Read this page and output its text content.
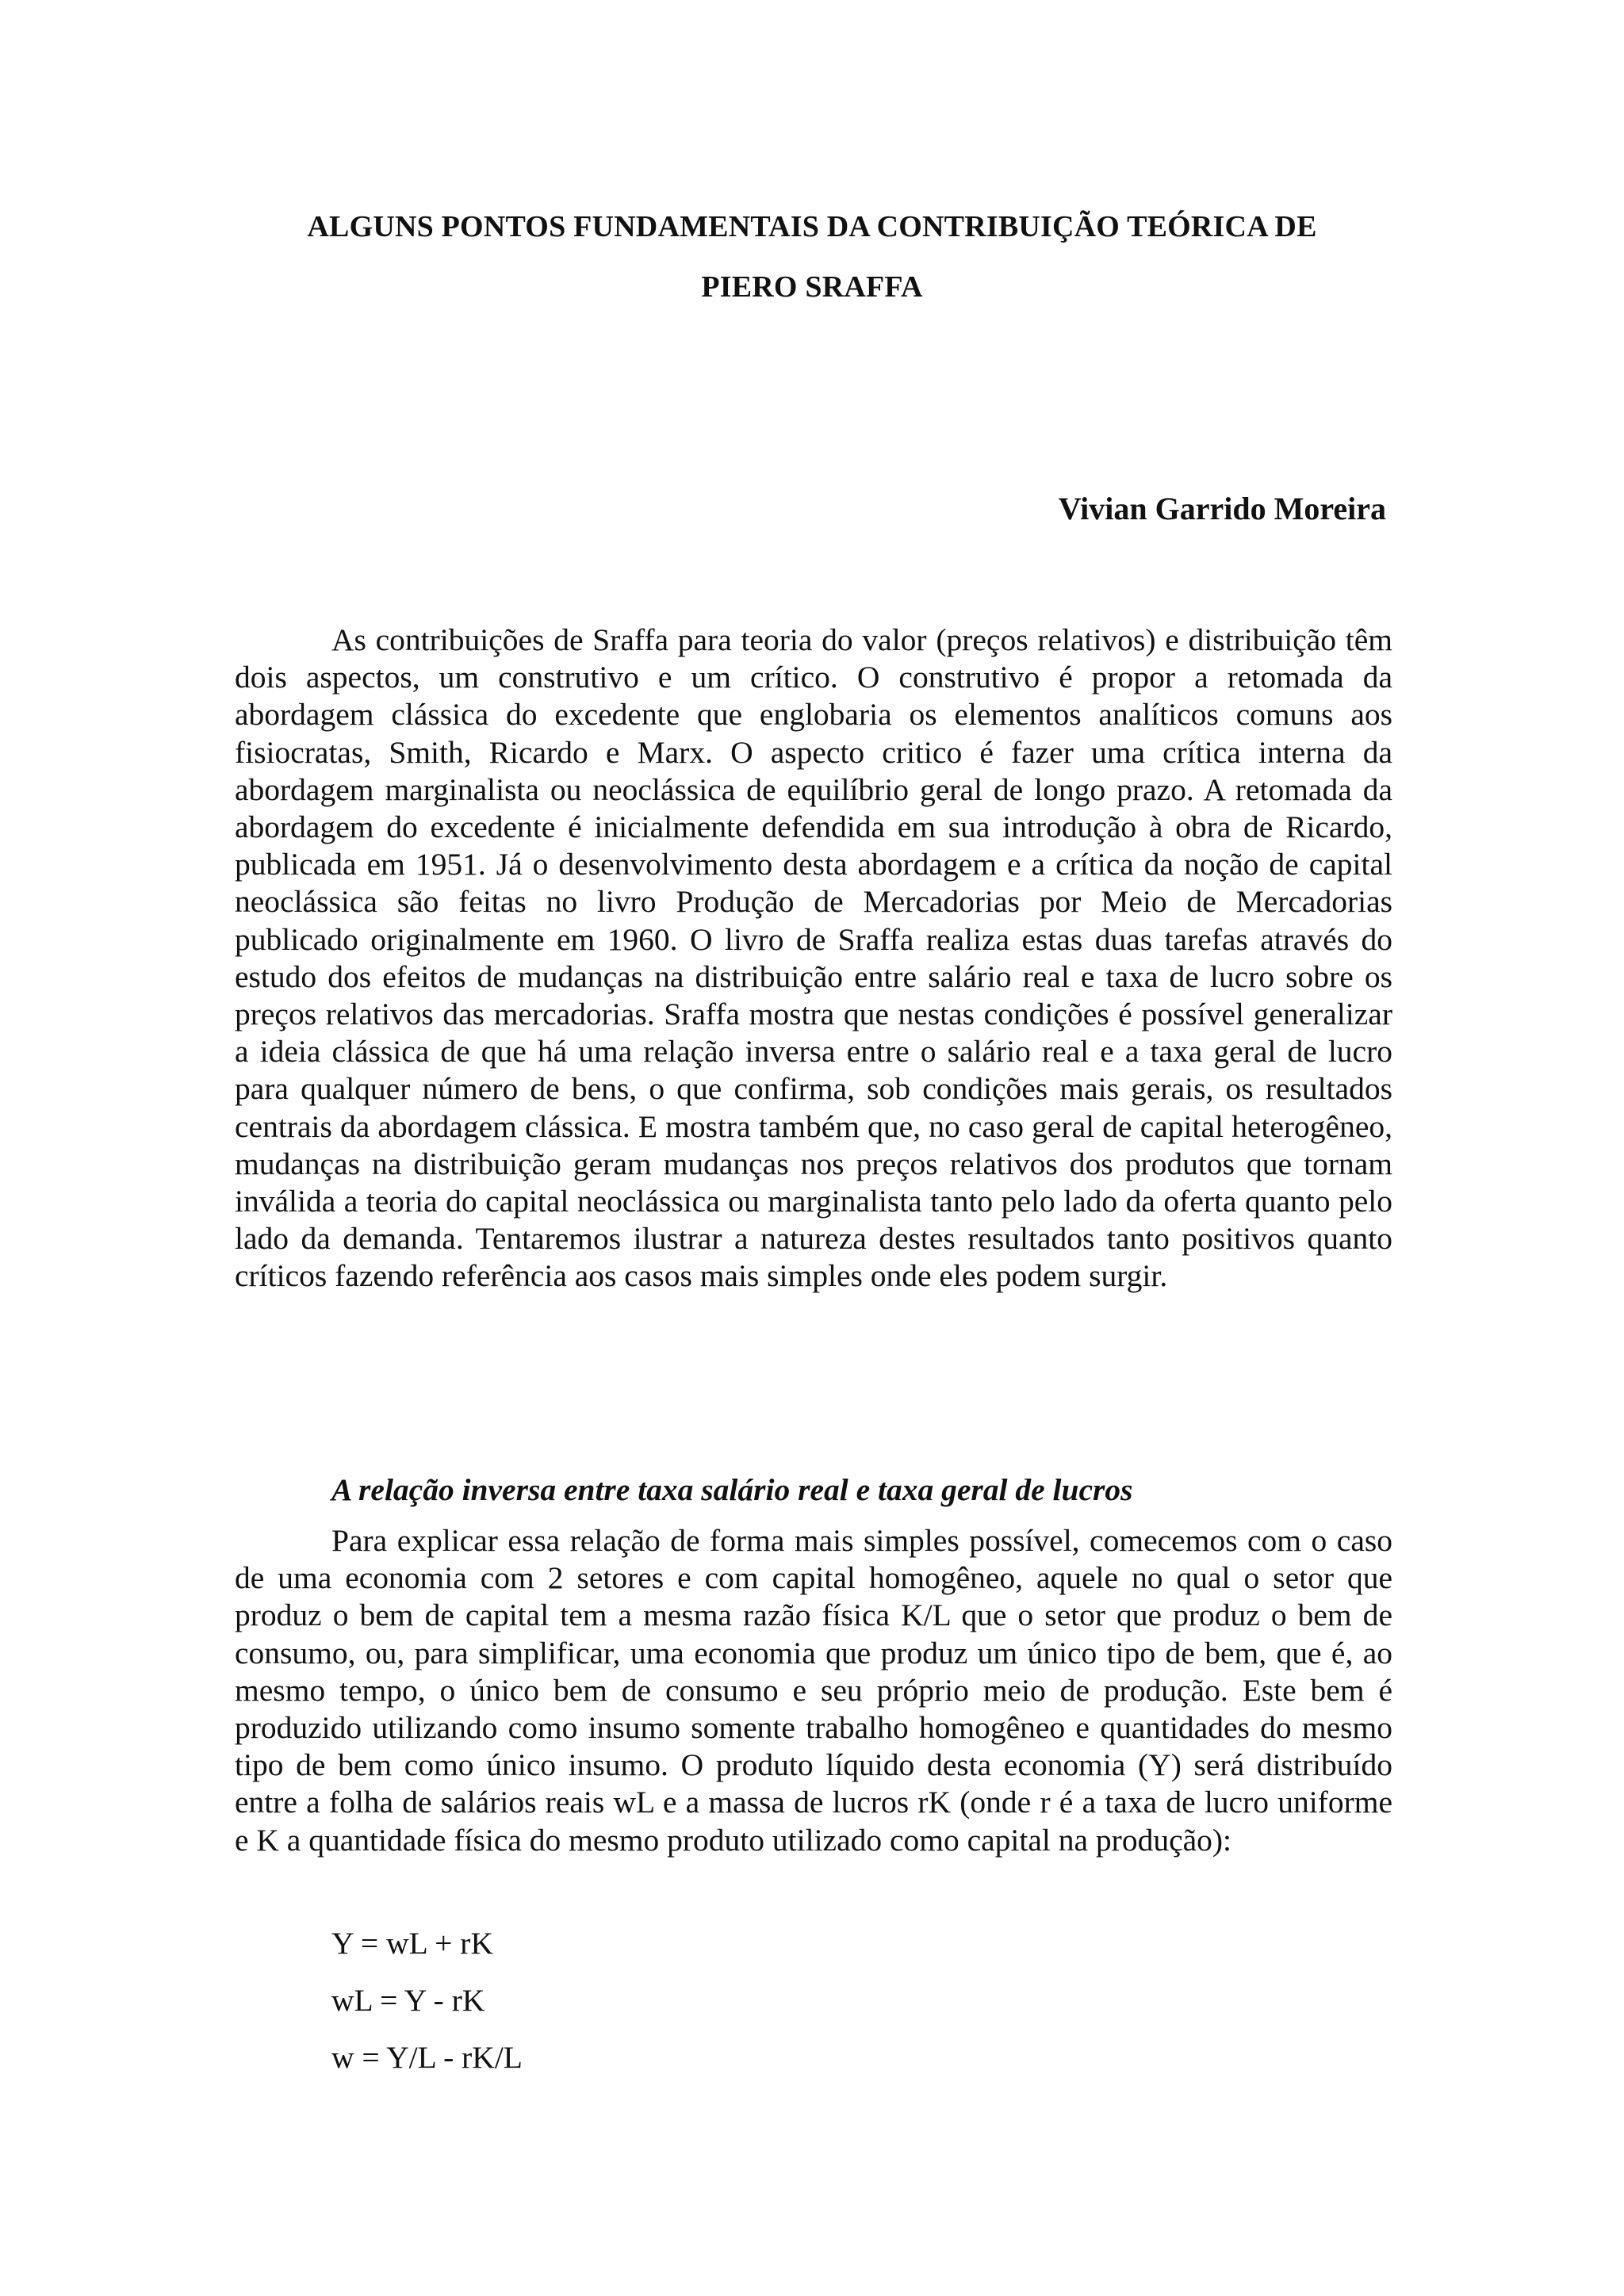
ALGUNS PONTOS FUNDAMENTAIS DA CONTRIBUIÇÃO TEÓRICA DE

PIERO SRAFFA

Vivian Garrido Moreira

As contribuições de Sraffa para teoria do valor (preços relativos) e distribuição têm dois aspectos, um construtivo e um crítico. O construtivo é propor a retomada da abordagem clássica do excedente que englobaria os elementos analíticos comuns aos fisiocratas, Smith, Ricardo e Marx. O aspecto critico é fazer uma crítica interna da abordagem marginalista ou neoclássica de equilíbrio geral de longo prazo. A retomada da abordagem do excedente é inicialmente defendida em sua introdução à obra de Ricardo, publicada em 1951. Já o desenvolvimento desta abordagem e a crítica da noção de capital neoclássica são feitas no livro Produção de Mercadorias por Meio de Mercadorias publicado originalmente em 1960. O livro de Sraffa realiza estas duas tarefas através do estudo dos efeitos de mudanças na distribuição entre salário real e taxa de lucro sobre os preços relativos das mercadorias. Sraffa mostra que nestas condições é possível generalizar a ideia clássica de que há uma relação inversa entre o salário real e a taxa geral de lucro para qualquer número de bens, o que confirma, sob condições mais gerais, os resultados centrais da abordagem clássica. E mostra também que, no caso geral de capital heterogêneo, mudanças na distribuição geram mudanças nos preços relativos dos produtos que tornam inválida a teoria do capital neoclássica ou marginalista tanto pelo lado da oferta quanto pelo lado da demanda. Tentaremos ilustrar a natureza destes resultados tanto positivos quanto críticos fazendo referência aos casos mais simples onde eles podem surgir.

A relação inversa entre taxa salário real e taxa geral de lucros

Para explicar essa relação de forma mais simples possível, comecemos com o caso de uma economia com 2 setores e com capital homogêneo, aquele no qual o setor que produz o bem de capital tem a mesma razão física K/L que o setor que produz o bem de consumo, ou, para simplificar, uma economia que produz um único tipo de bem, que é, ao mesmo tempo, o único bem de consumo e seu próprio meio de produção. Este bem é produzido utilizando como insumo somente trabalho homogêneo e quantidades do mesmo tipo de bem como único insumo. O produto líquido desta economia (Y) será distribuído entre a folha de salários reais wL e a massa de lucros rK (onde r é a taxa de lucro uniforme e K a quantidade física do mesmo produto utilizado como capital na produção):

Y = wL + rK

wL = Y - rK

w = Y/L - rK/L
